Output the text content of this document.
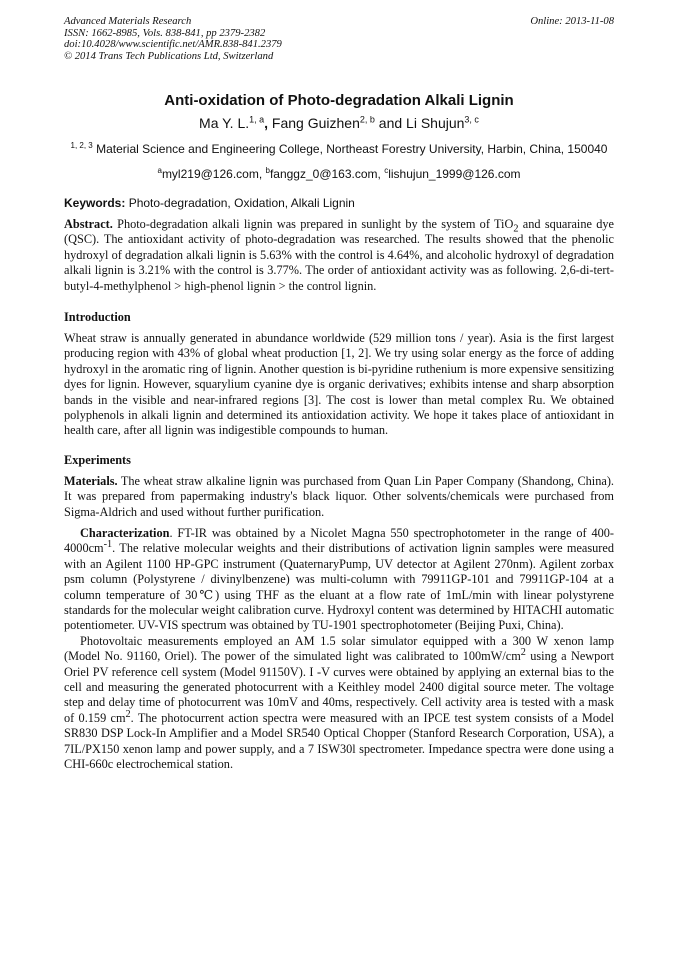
Advanced Materials Research
ISSN: 1662-8985, Vols. 838-841, pp 2379-2382
doi:10.4028/www.scientific.net/AMR.838-841.2379
© 2014 Trans Tech Publications Ltd, Switzerland
Online: 2013-11-08
Anti-oxidation of Photo-degradation Alkali Lignin
Ma Y. L.$^{1, a}$, Fang Guizhen$^{2, b}$ and Li Shujun$^{3, c}$
$^{1, 2, 3}$ Material Science and Engineering College, Northeast Forestry University, Harbin, China, 150040
$^a$myl219@126.com, $^b$fanggz_0@163.com, $^c$lishujun_1999@126.com
Keywords: Photo-degradation, Oxidation, Alkali Lignin

Abstract. Photo-degradation alkali lignin was prepared in sunlight by the system of TiO$_2$ and squaraine dye (QSC). The antioxidant activity of photo-degradation was researched. The results showed that the phenolic hydroxyl of degradation alkali lignin is 5.63% with the control is 4.64%, and alcoholic hydroxyl of degradation alkali lignin is 3.21% with the control is 3.77%. The order of antioxidant activity was as following. 2,6-di-tert-butyl-4-methylphenol > high-phenol lignin > the control lignin.

Introduction

Wheat straw is annually generated in abundance worldwide (529 million tons / year). Asia is the first largest producing region with 43% of global wheat production [1, 2]. We try using solar energy as the force of adding hydroxyl in the aromatic ring of lignin. Another question is bi-pyridine ruthenium is more expensive sensitizing dyes for lignin. However, squarylium cyanine dye is organic derivatives; exhibits intense and sharp absorption bands in the visible and near-infrared regions [3]. The cost is lower than metal complex Ru. We obtained polyphenols in alkali lignin and determined its antioxidation activity. We hope it takes place of antioxidant in health care, after all lignin was indigestible compounds to human.

Experiments

Materials. The wheat straw alkaline lignin was purchased from Quan Lin Paper Company (Shandong, China). It was prepared from papermaking industry's black liquor. Other solvents/chemicals were purchased from Sigma-Aldrich and used without further purification.

Characterization. FT-IR was obtained by a Nicolet Magna 550 spectrophotometer in the range of $400-4000cm^{-1}$. The relative molecular weights and their distributions of activation lignin samples were measured with an Agilent 1100 HP-GPC instrument (QuaternaryPump, UV detector at Agilent 270nm). Agilent zorbax psm column (Polystyrene / divinylbenzene) was multi-column with 79911GP-101 and 79911GP-104 at a column temperature of 30℃) using THF as the eluant at a flow rate of 1mL/min with linear polystyrene standards for the molecular weight calibration curve. Hydroxyl content was determined by HITACHI automatic potentiometer. UV-VIS spectrum was obtained by TU-1901 spectrophotometer (Beijing Puxi, China).

Photovoltaic measurements employed an AM 1.5 solar simulator equipped with a 300 W xenon lamp (Model No. 91160, Oriel). The power of the simulated light was calibrated to $100mW/cm^2$ using a Newport Oriel PV reference cell system (Model 91150V). I -V curves were obtained by applying an external bias to the cell and measuring the generated photocurrent with a Keithley model 2400 digital source meter. The voltage step and delay time of photocurrent was 10mV and 40ms, respectively. Cell activity area is tested with a mask of 0.159 $cm^2$. The photocurrent action spectra were measured with an IPCE test system consists of a Model SR830 DSP Lock-In Amplifier and a Model SR540 Optical Chopper (Stanford Research Corporation, USA), a 7IL/PX150 xenon lamp and power supply, and a 7 ISW30l spectrometer. Impedance spectra were done using a CHI-660c electrochemical station.
